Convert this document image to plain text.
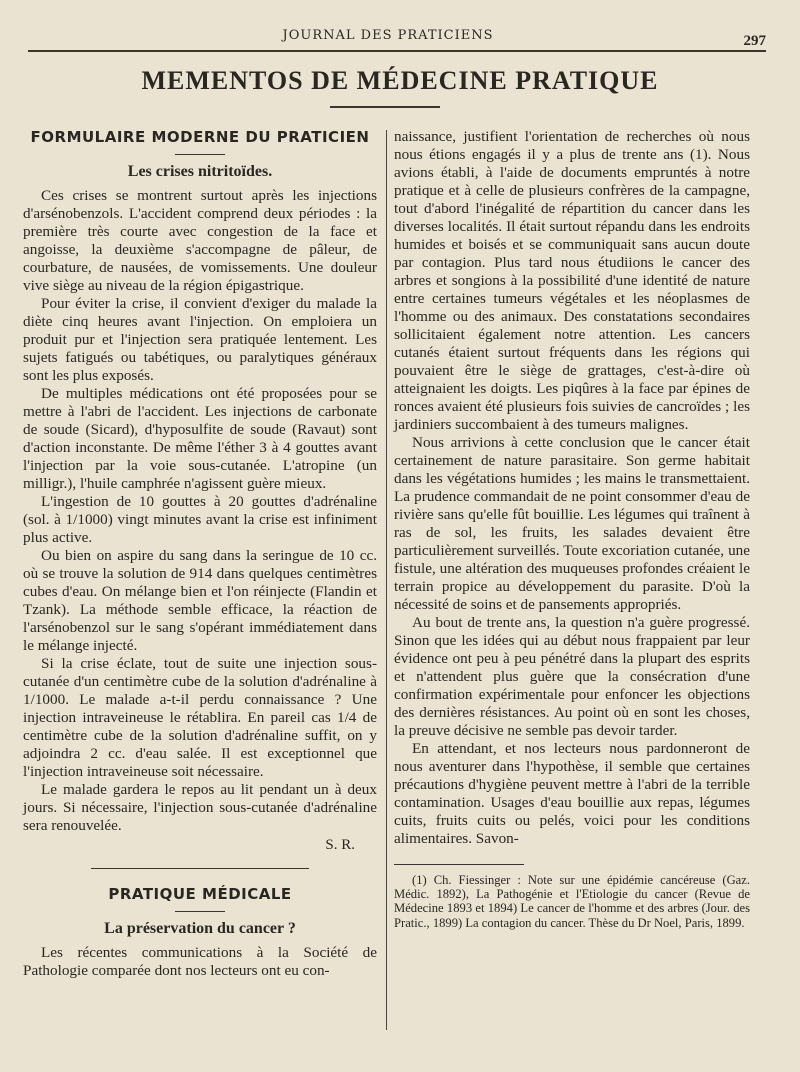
JOURNAL DES PRATICIENS	297
MEMENTOS DE MÉDECINE PRATIQUE
FORMULAIRE MODERNE DU PRATICIEN
Les crises nitritoïdes.

Ces crises se montrent surtout après les injections d'arsénobenzols. L'accident comprend deux périodes : la première très courte avec congestion de la face et angoisse, la deuxième s'accompagne de pâleur, de courbature, de nausées, de vomissements. Une douleur vive siège au niveau de la région épigastrique.

Pour éviter la crise, il convient d'exiger du malade la diète cinq heures avant l'injection. On emploiera un produit pur et l'injection sera pratiquée lentement. Les sujets fatigués ou tabétiques, ou paralytiques généraux sont les plus exposés.

De multiples médications ont été proposées pour se mettre à l'abri de l'accident. Les injections de carbonate de soude (Sicard), d'hyposulfite de soude (Ravaut) sont d'action inconstante. De même l'éther 3 à 4 gouttes avant l'injection par la voie sous-cutanée. L'atropine (un milligr.), l'huile camphrée n'agissent guère mieux.

L'ingestion de 10 gouttes à 20 gouttes d'adrénaline (sol. à 1/1000) vingt minutes avant la crise est infiniment plus active.

Ou bien on aspire du sang dans la seringue de 10 cc. où se trouve la solution de 914 dans quelques centimètres cubes d'eau. On mélange bien et l'on réinjecte (Flandin et Tzank). La méthode semble efficace, la réaction de l'arsénobenzol sur le sang s'opérant immédiatement dans le mélange injecté.

Si la crise éclate, tout de suite une injection sous-cutanée d'un centimètre cube de la solution d'adrénaline à 1/1000. Le malade a-t-il perdu connaissance ? Une injection intraveineuse le rétablira. En pareil cas 1/4 de centimètre cube de la solution d'adrénaline suffit, on y adjoindra 2 cc. d'eau salée. Il est exceptionnel que l'injection intraveineuse soit nécessaire.

Le malade gardera le repos au lit pendant un à deux jours. Si nécessaire, l'injection sous-cutanée d'adrénaline sera renouvelée.

S. R.
PRATIQUE MÉDICALE
La préservation du cancer ?

Les récentes communications à la Société de Pathologie comparée dont nos lecteurs ont eu con-

naissance, justifient l'orientation de recherches où nous nous étions engagés il y a plus de trente ans (1). Nous avions établi, à l'aide de documents empruntés à notre pratique et à celle de plusieurs confrères de la campagne, tout d'abord l'inégalité de répartition du cancer dans les diverses localités. Il était surtout répandu dans les endroits humides et boisés et se communiquait sans aucun doute par contagion. Plus tard nous étudiions le cancer des arbres et songions à la possibilité d'une identité de nature entre certaines tumeurs végétales et les néoplasmes de l'homme ou des animaux. Des constatations secondaires sollicitaient également notre attention. Les cancers cutanés étaient surtout fréquents dans les régions qui pouvaient être le siège de grattages, c'est-à-dire où atteignaient les doigts. Les piqûres à la face par épines de ronces avaient été plusieurs fois suivies de cancroïdes ; les jardiniers succombaient à des tumeurs malignes.

Nous arrivions à cette conclusion que le cancer était certainement de nature parasitaire. Son germe habitait dans les végétations humides ; les mains le transmettaient. La prudence commandait de ne point consommer d'eau de rivière sans qu'elle fût bouillie. Les légumes qui traînent à ras de sol, les fruits, les salades devaient être particulièrement surveillés. Toute excoriation cutanée, une fistule, une altération des muqueuses profondes créaient le terrain propice au développement du parasite. D'où la nécessité de soins et de pansements appropriés.

Au bout de trente ans, la question n'a guère progressé. Sinon que les idées qui au début nous frappaient par leur évidence ont peu à peu pénétré dans la plupart des esprits et n'attendent plus guère que la consécration d'une confirmation expérimentale pour enfoncer les objections des dernières résistances. Au point où en sont les choses, la preuve décisive ne semble pas devoir tarder.

En attendant, et nos lecteurs nous pardonneront de nous aventurer dans l'hypothèse, il semble que certaines précautions d'hygiène peuvent mettre à l'abri de la terrible contamination. Usages d'eau bouillie aux repas, légumes cuits, fruits cuits ou pelés, voici pour les conditions alimentaires. Savon-

(1) Ch. Fiessinger : Note sur une épidémie cancéreuse (Gaz. Médic. 1892), La Pathogénie et l'Etiologie du cancer (Revue de Médecine 1893 et 1894) Le cancer de l'homme et des arbres (Jour. des Pratic., 1899) La contagion du cancer. Thèse du Dr Noel, Paris, 1899.
